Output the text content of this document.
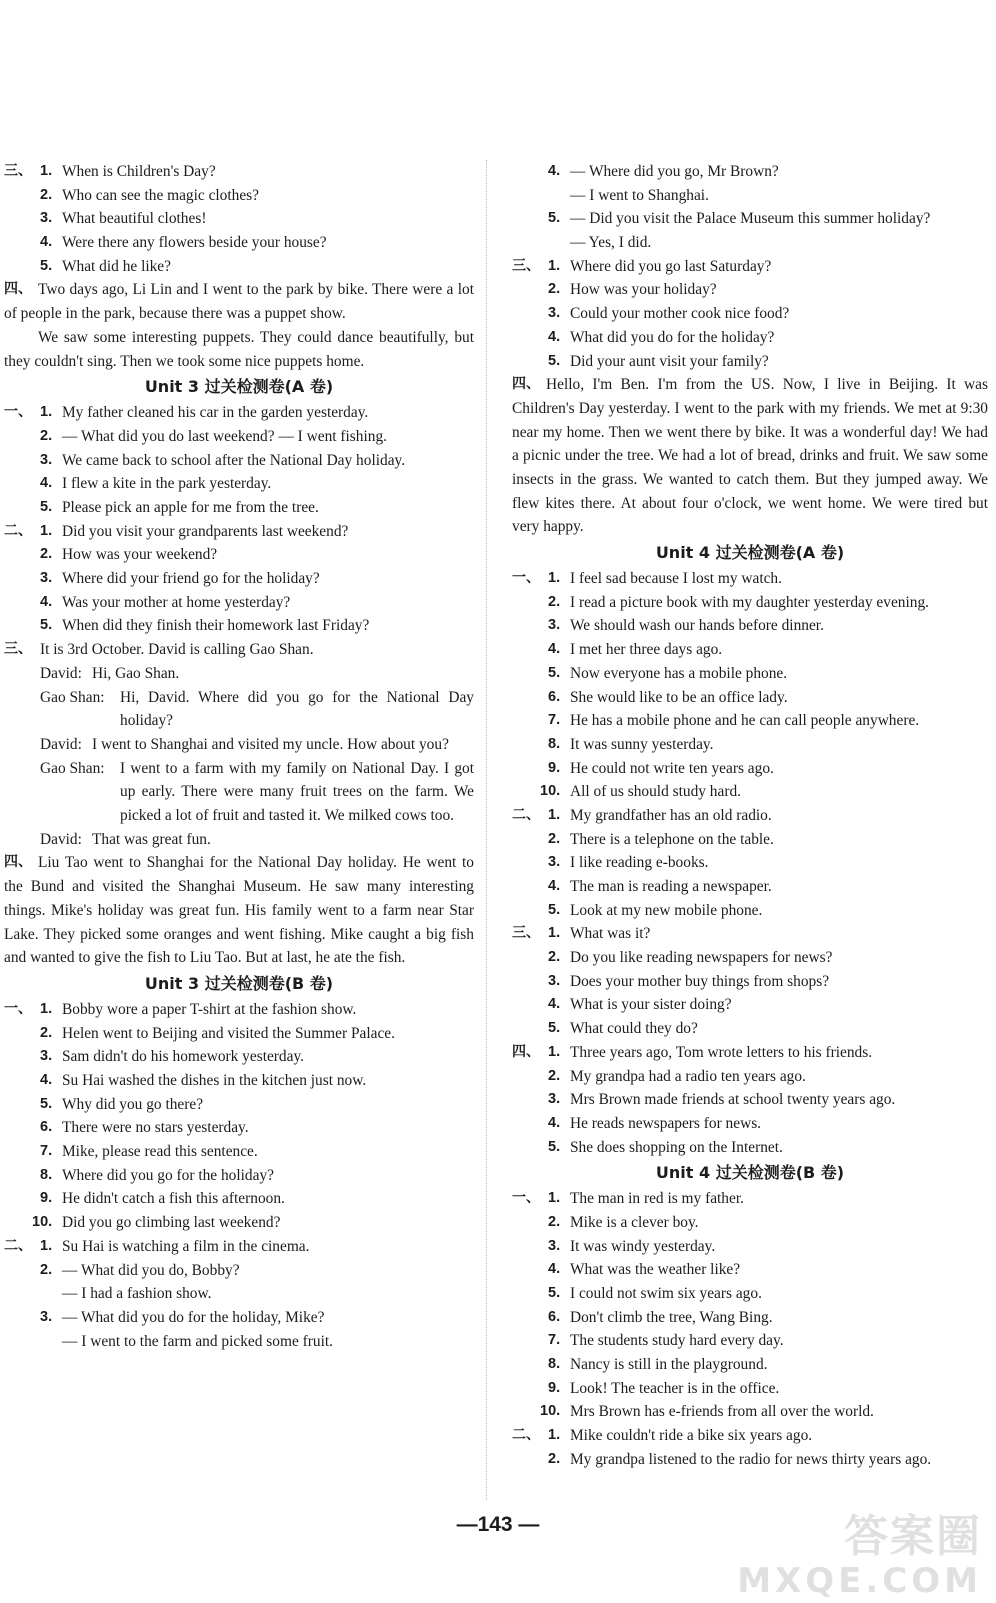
三、 1. When is Children's Day?
2. Who can see the magic clothes?
3. What beautiful clothes!
4. Were there any flowers beside your house?
5. What did he like?
四、 Two days ago, Li Lin and I went to the park by bike. There were a lot of people in the park, because there was a puppet show.
We saw some interesting puppets. They could dance beautifully, but they couldn't sing. Then we took some nice puppets home.
Unit 3 过关检测卷(A 卷)
一、 1. My father cleaned his car in the garden yesterday.
2. — What did you do last weekend? — I went fishing.
3. We came back to school after the National Day holiday.
4. I flew a kite in the park yesterday.
5. Please pick an apple for me from the tree.
二、 1. Did you visit your grandparents last weekend?
2. How was your weekend?
3. Where did your friend go for the holiday?
4. Was your mother at home yesterday?
5. When did they finish their homework last Friday?
三、 It is 3rd October. David is calling Gao Shan.
David: Hi, Gao Shan.
Gao Shan: Hi, David. Where did you go for the National Day holiday?
David: I went to Shanghai and visited my uncle. How about you?
Gao Shan: I went to a farm with my family on National Day. I got up early. There were many fruit trees on the farm. We picked a lot of fruit and tasted it. We milked cows too.
David: That was great fun.
四、 Liu Tao went to Shanghai for the National Day holiday. He went to the Bund and visited the Shanghai Museum. He saw many interesting things. Mike's holiday was great fun. His family went to a farm near Star Lake. They picked some oranges and went fishing. Mike caught a big fish and wanted to give the fish to Liu Tao. But at last, he ate the fish.
Unit 3 过关检测卷(B 卷)
一、 1. Bobby wore a paper T-shirt at the fashion show.
2. Helen went to Beijing and visited the Summer Palace.
3. Sam didn't do his homework yesterday.
4. Su Hai washed the dishes in the kitchen just now.
5. Why did you go there?
6. There were no stars yesterday.
7. Mike, please read this sentence.
8. Where did you go for the holiday?
9. He didn't catch a fish this afternoon.
10. Did you go climbing last weekend?
二、 1. Su Hai is watching a film in the cinema.
2. — What did you do, Bobby?
— I had a fashion show.
3. — What did you do for the holiday, Mike?
— I went to the farm and picked some fruit.
4. — Where did you go, Mr Brown?
— I went to Shanghai.
5. — Did you visit the Palace Museum this summer holiday?
— Yes, I did.
三、 1. Where did you go last Saturday?
2. How was your holiday?
3. Could your mother cook nice food?
4. What did you do for the holiday?
5. Did your aunt visit your family?
四、 Hello, I'm Ben. I'm from the US. Now, I live in Beijing. It was Children's Day yesterday. I went to the park with my friends. We met at 9:30 near my home. Then we went there by bike. It was a wonderful day! We had a picnic under the tree. We had a lot of bread, drinks and fruit. We saw some insects in the grass. We wanted to catch them. But they jumped away. We flew kites there. At about four o'clock, we went home. We were tired but very happy.
Unit 4 过关检测卷(A 卷)
一、 1. I feel sad because I lost my watch.
2. I read a picture book with my daughter yesterday evening.
3. We should wash our hands before dinner.
4. I met her three days ago.
5. Now everyone has a mobile phone.
6. She would like to be an office lady.
7. He has a mobile phone and he can call people anywhere.
8. It was sunny yesterday.
9. He could not write ten years ago.
10. All of us should study hard.
二、 1. My grandfather has an old radio.
2. There is a telephone on the table.
3. I like reading e-books.
4. The man is reading a newspaper.
5. Look at my new mobile phone.
三、 1. What was it?
2. Do you like reading newspapers for news?
3. Does your mother buy things from shops?
4. What is your sister doing?
5. What could they do?
四、 1. Three years ago, Tom wrote letters to his friends.
2. My grandpa had a radio ten years ago.
3. Mrs Brown made friends at school twenty years ago.
4. He reads newspapers for news.
5. She does shopping on the Internet.
Unit 4 过关检测卷(B 卷)
一、 1. The man in red is my father.
2. Mike is a clever boy.
3. It was windy yesterday.
4. What was the weather like?
5. I could not swim six years ago.
6. Don't climb the tree, Wang Bing.
7. The students study hard every day.
8. Nancy is still in the playground.
9. Look! The teacher is in the office.
10. Mrs Brown has e-friends from all over the world.
二、 1. Mike couldn't ride a bike six years ago.
2. My grandpa listened to the radio for news thirty years ago.
—143 —	答案圈
MXQE.COM
